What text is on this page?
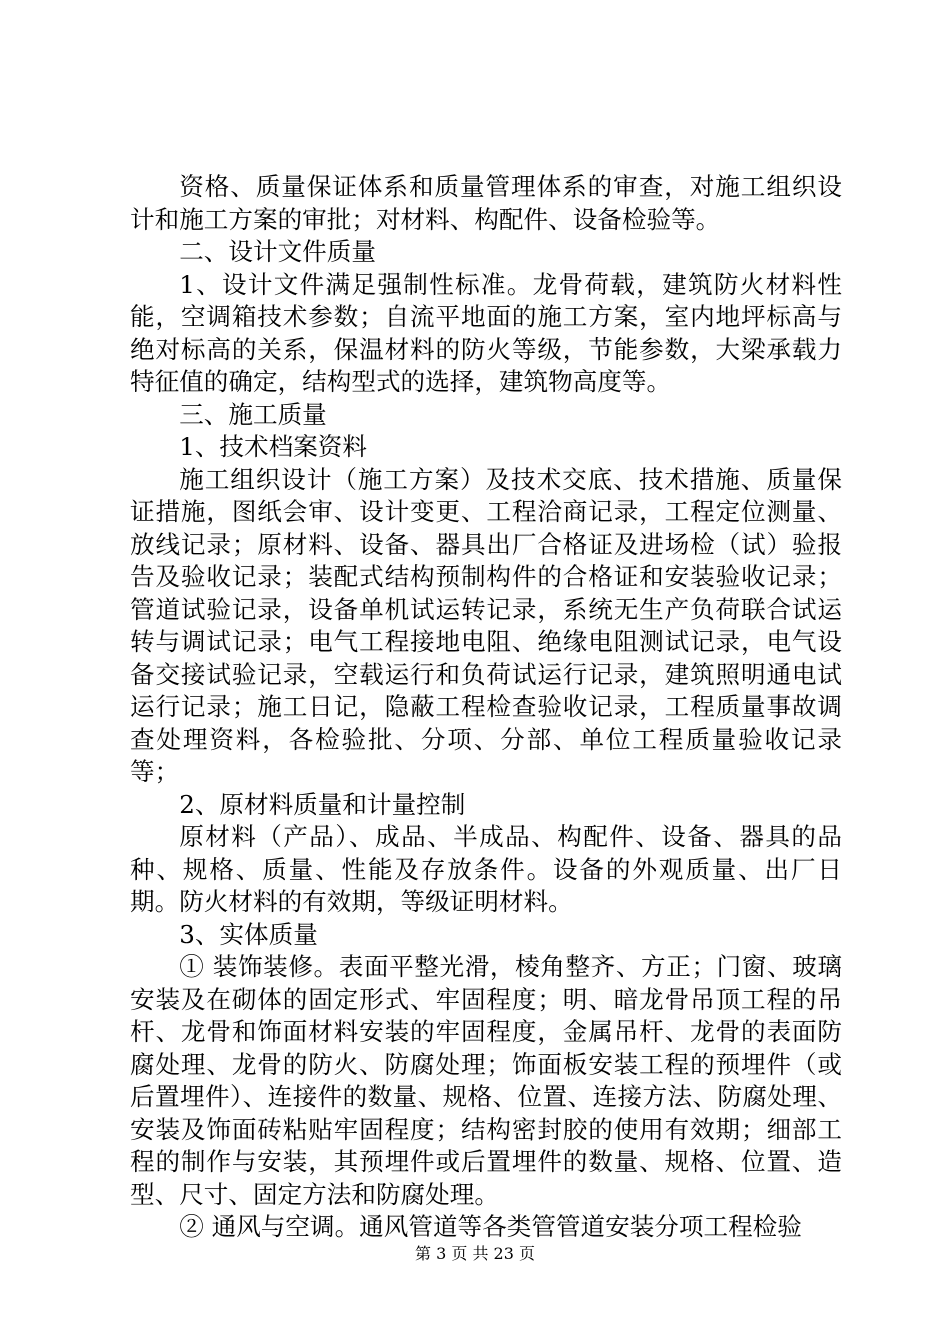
资格、质量保证体系和质量管理体系的审查，对施工组织设计和施工方案的审批；对材料、构配件、设备检验等。

二、设计文件质量

1、设计文件满足强制性标准。龙骨荷载，建筑防火材料性能，空调箱技术参数；自流平地面的施工方案，室内地坪标高与绝对标高的关系，保温材料的防火等级，节能参数，大梁承载力特征值的确定，结构型式的选择，建筑物高度等。

三、施工质量

1、技术档案资料

施工组织设计（施工方案）及技术交底、技术措施、质量保证措施，图纸会审、设计变更、工程洽商记录，工程定位测量、放线记录；原材料、设备、器具出厂合格证及进场检（试）验报告及验收记录；装配式结构预制构件的合格证和安装验收记录；管道试验记录，设备单机试运转记录，系统无生产负荷联合试运转与调试记录；电气工程接地电阻、绝缘电阻测试记录，电气设备交接试验记录，空载运行和负荷试运行记录，建筑照明通电试运行记录；施工日记，隐蔽工程检查验收记录，工程质量事故调查处理资料，各检验批、分项、分部、单位工程质量验收记录等；

2、原材料质量和计量控制

原材料（产品）、成品、半成品、构配件、设备、器具的品种、规格、质量、性能及存放条件。设备的外观质量、出厂日期。防火材料的有效期，等级证明材料。

3、实体质量

① 装饰装修。表面平整光滑，棱角整齐、方正；门窗、玻璃安装及在砌体的固定形式、牢固程度；明、暗龙骨吊顶工程的吊杆、龙骨和饰面材料安装的牢固程度，金属吊杆、龙骨的表面防腐处理、龙骨的防火、防腐处理；饰面板安装工程的预埋件（或后置埋件）、连接件的数量、规格、位置、连接方法、防腐处理、安装及饰面砖粘贴牢固程度；结构密封胶的使用有效期；细部工程的制作与安装，其预埋件或后置埋件的数量、规格、位置、造型、尺寸、固定方法和防腐处理。

② 通风与空调。通风管道等各类管管道安装分项工程检验

第 3 页 共 23 页
